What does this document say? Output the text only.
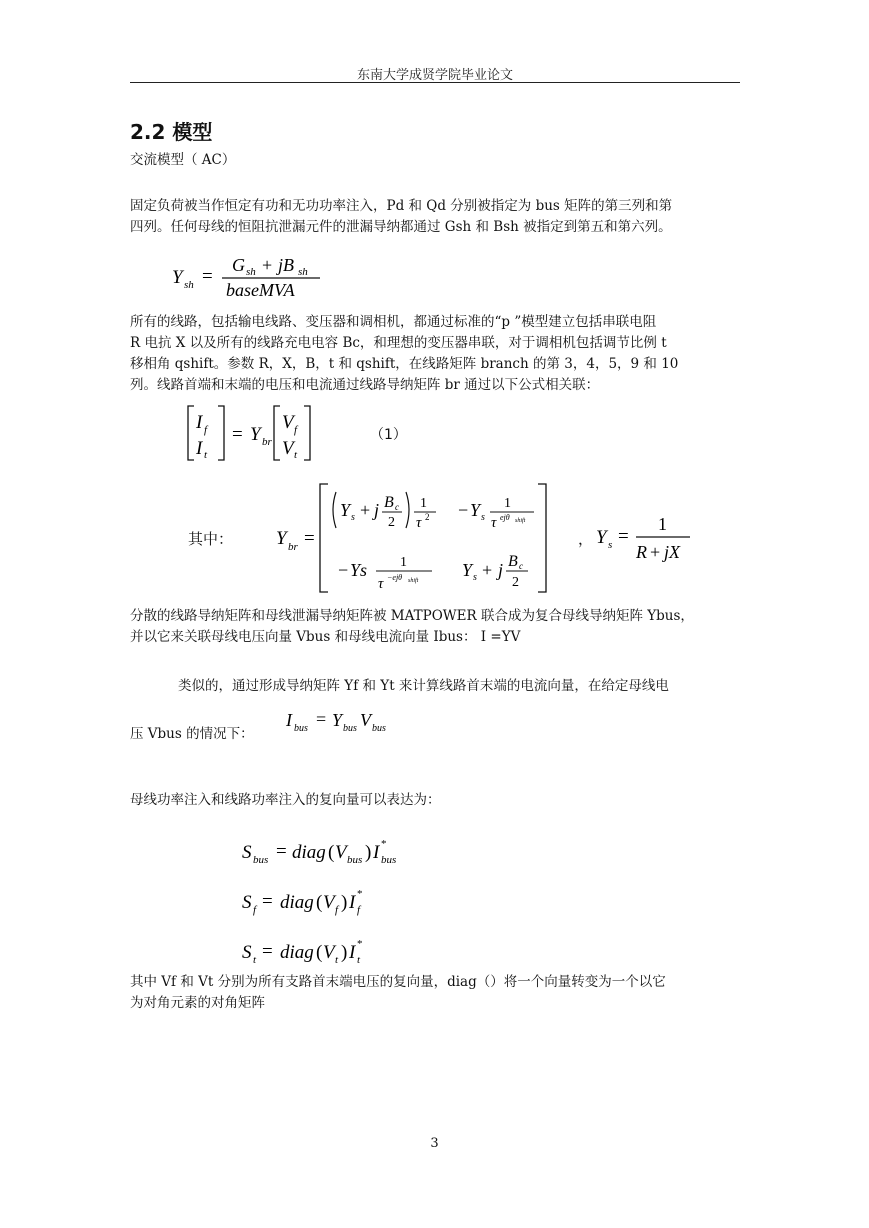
东南大学成贤学院毕业论文
2.2 模型
交流模型（ AC）
固定负荷被当作恒定有功和无功功率注入，Pd 和 Qd 分别被指定为 bus 矩阵的第三列和第
四列。任何母线的恒阻抗泄漏元件的泄漏导纳都通过 Gsh 和 Bsh 被指定到第五和第六列。
Y sh =
G sh + jB sh
baseMVA
所有的线路，包括输电线路、变压器和调相机，都通过标准的“p ”模型建立包括串联电阻
R 电抗 X 以及所有的线路充电电容 Bc，和理想的变压器串联，对于调相机包括调节比例 t
移相角 qshift。参数 R，X，B，t 和 qshift，在线路矩阵 branch 的第 3，4，5，9 和 10
列。线路首端和末端的电压和电流通过线路导纳矩阵 br 通过以下公式相关联：
I f
I t
= Y br
V f
V t
（1）
其中： Y br =
Y s + j B c
2
1
τ 2 − Y s
1
τ ejθ shift
− Ys 1
τ −ejθ shift
Y s + j B c
2
， Y s =
1
R + jX
分散的线路导纳矩阵和母线泄漏导纳矩阵被 MATPOWER 联合成为复合母线导纳矩阵 Ybus，
并以它来关联母线电压向量 Vbus 和母线电流向量 Ibus： I =YV
类似的，通过形成导纳矩阵 Yf 和 Yt 来计算线路首末端的电流向量，在给定母线电
压 Vbus 的情况下：
I bus = Y bus V bus
母线功率注入和线路功率注入的复向量可以表达为：
S bus = diag ( V bus ) I *
bus
S f = diag ( V f ) I *
f
S t = diag ( V t ) I *
t
其中 Vf 和 Vt 分别为所有支路首末端电压的复向量，diag（）将一个向量转变为一个以它
为对角元素的对角矩阵
3
